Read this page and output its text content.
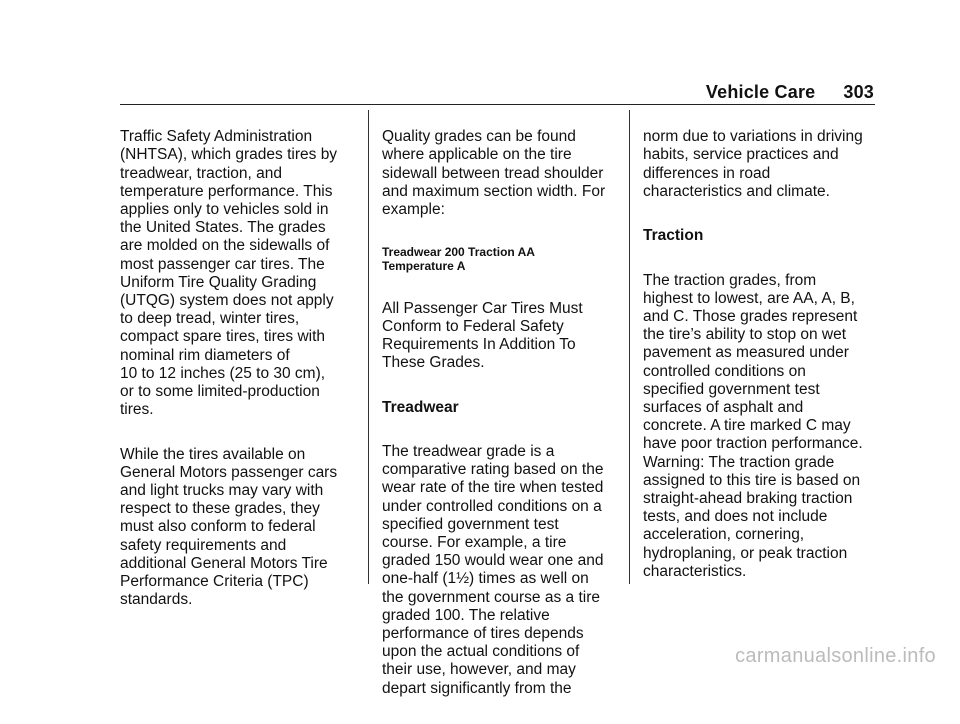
Vehicle Care 303

Traffic Safety Administration
(NHTSA), which grades tires by
treadwear, traction, and
temperature performance. This
applies only to vehicles sold in
the United States. The grades
are molded on the sidewalls of
most passenger car tires. The
Uniform Tire Quality Grading
(UTQG) system does not apply
to deep tread, winter tires,
compact spare tires, tires with
nominal rim diameters of
10 to 12 inches (25 to 30 cm),
or to some limited-production
tires.

While the tires available on
General Motors passenger cars
and light trucks may vary with
respect to these grades, they
must also conform to federal
safety requirements and
additional General Motors Tire
Performance Criteria (TPC)
standards.

Quality grades can be found
where applicable on the tire
sidewall between tread shoulder
and maximum section width. For
example:

Treadwear 200 Traction AA
Temperature A

All Passenger Car Tires Must
Conform to Federal Safety
Requirements In Addition To
These Grades.

Treadwear

The treadwear grade is a
comparative rating based on the
wear rate of the tire when tested
under controlled conditions on a
specified government test
course. For example, a tire
graded 150 would wear one and
one-half (1½) times as well on
the government course as a tire
graded 100. The relative
performance of tires depends
upon the actual conditions of
their use, however, and may
depart significantly from the

norm due to variations in driving
habits, service practices and
differences in road
characteristics and climate.

Traction

The traction grades, from
highest to lowest, are AA, A, B,
and C. Those grades represent
the tire’s ability to stop on wet
pavement as measured under
controlled conditions on
specified government test
surfaces of asphalt and
concrete. A tire marked C may
have poor traction performance.
Warning: The traction grade
assigned to this tire is based on
straight-ahead braking traction
tests, and does not include
acceleration, cornering,
hydroplaning, or peak traction
characteristics.

carmanualsonline.info
